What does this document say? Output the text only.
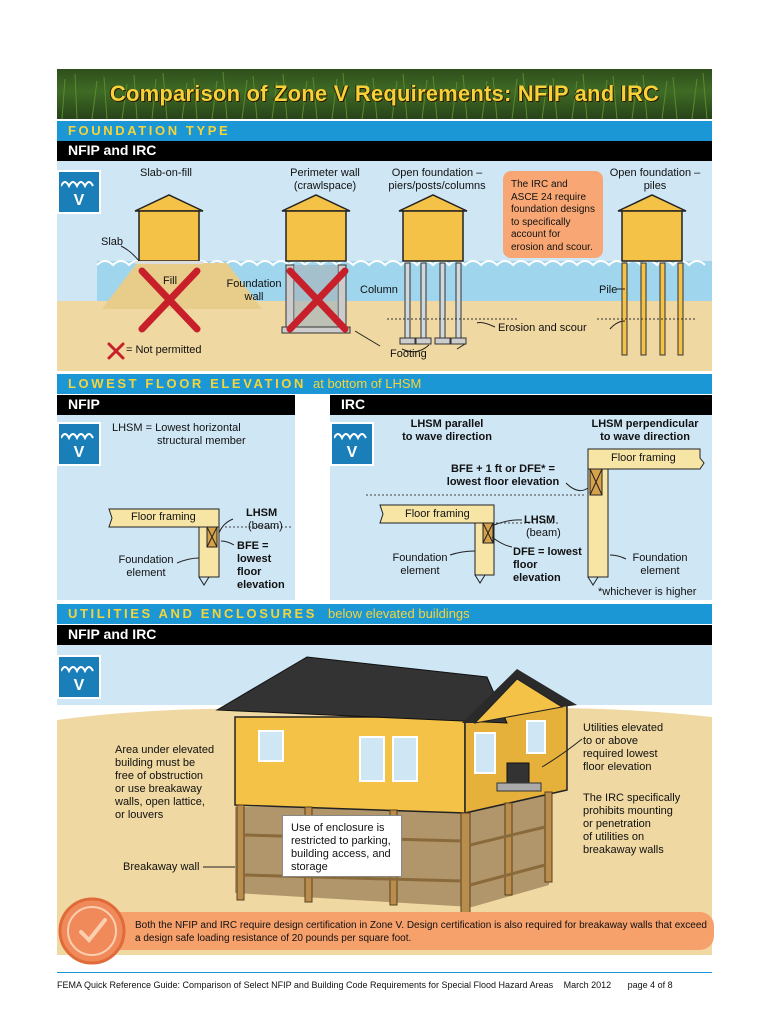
Comparison of Zone V Requirements: NFIP and IRC
FOUNDATION TYPE
NFIP and IRC
V
Slab-on-fill	Perimeter wall
(crawlspace)
Open foundation –
piers/posts/columns
Open foundation –
piles
The IRC and ASCE 24 require foundation designs to specifically account for erosion and scour.
Slab
Fill	Foundation
wall
Column	Pile
Erosion and scour
Footing
= Not permitted
LOWEST FLOOR ELEVATION at bottom of LHSM
NFIP
V
LHSM = Lowest horizontal
structural member
Floor framing	LHSM
(beam)
BFE =
lowest
floor
elevation
Foundation
element
IRC
V
LHSM parallel
to wave direction
LHSM perpendicular
to wave direction
BFE + 1 ft or DFE* =
lowest floor elevation
Floor framing
Floor framing	LHSM
(beam)
DFE = lowest
floor
elevation
Foundation
element
Foundation
element
*whichever is higher
UTILITIES AND ENCLOSURES below elevated buildings
NFIP and IRC
V
Area under elevated
building must be
free of obstruction
or use breakaway
walls, open lattice,
or louvers
Breakaway wall
Use of enclosure is
restricted to parking,
building access, and
storage
Utilities elevated
to or above
required lowest
floor elevation
The IRC specifically
prohibits mounting
or penetration
of utilities on
breakaway walls
Both the NFIP and IRC require design certification in Zone V. Design certification is also required for breakaway walls that exceed a design safe loading resistance of 20 pounds per square foot.
FEMA Quick Reference Guide: Comparison of Select NFIP and Building Code Requirements for Special Flood Hazard Areas March 2012 page 4 of 8
